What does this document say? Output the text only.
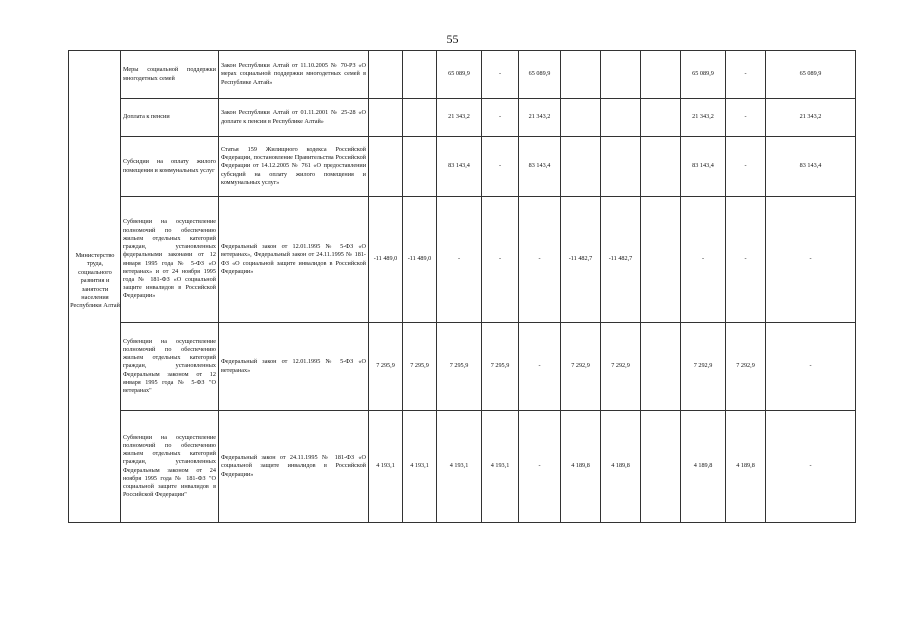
55
	Меры социальной поддержки многодетных семей	Закон Республики Алтай от 11.10.2005 № 70-РЗ «О мерах социальной поддержки многодетных семей в Республике Алтай»			65 089,9	-	65 089,9				65 089,9	-	65 089,9
	Доплата к пенсии	Закон Республики Алтай от 01.11.2001 № 25-28 «О доплате к пенсии в Республике Алтай»			21 343,2	-	21 343,2				21 343,2	-	21 343,2
	Субсидии на оплату жилого помещения и коммунальных услуг	Статья 159 Жилищного кодекса Российской Федерации, постановление Правительства Российской Федерации от 14.12.2005 № 761 «О предоставлении субсидий на оплату жилого помещения и коммунальных услуг»			83 143,4	-	83 143,4				83 143,4	-	83 143,4
	Субвенции на осуществление полномочий по обеспечению жильем отдельных категорий граждан, установленных федеральными законами от 12 января 1995 года № 5-ФЗ «О ветеранах» и от 24 ноября 1995 года № 181-ФЗ «О социальной защите инвалидов в Российской Федерации»	Федеральный закон от 12.01.1995 № 5-ФЗ «О ветеранах», Федеральный закон от 24.11.1995 № 181-ФЗ «О социальной защите инвалидов в Российской Федерации»	-11 489,0	-11 489,0	-	-	-	-11 482,7	-11 482,7		-	-	-
	Субвенции на осуществление полномочий по обеспечению жильем отдельных категорий граждан, установленных Федеральным законом от 12 января 1995 года № 5-ФЗ "О ветеранах"	Федеральный закон от 12.01.1995 № 5-ФЗ «О ветеранах»	7 295,9	7 295,9	7 295,9	7 295,9	-	7 292,9	7 292,9		7 292,9	7 292,9	-
	Субвенции на осуществление полномочий по обеспечению жильем отдельных категорий граждан, установленных Федеральным законом от 24 ноября 1995 года № 181-ФЗ "О социальной защите инвалидов в Российской Федерации"	Федеральный закон от 24.11.1995 № 181-ФЗ «О социальной защите инвалидов в Российской Федерации»	4 193,1	4 193,1	4 193,1	4 193,1	-	4 189,8	4 189,8		4 189,8	4 189,8	-
Министерство труда, социального развития и занятости населения Республики Алтай
